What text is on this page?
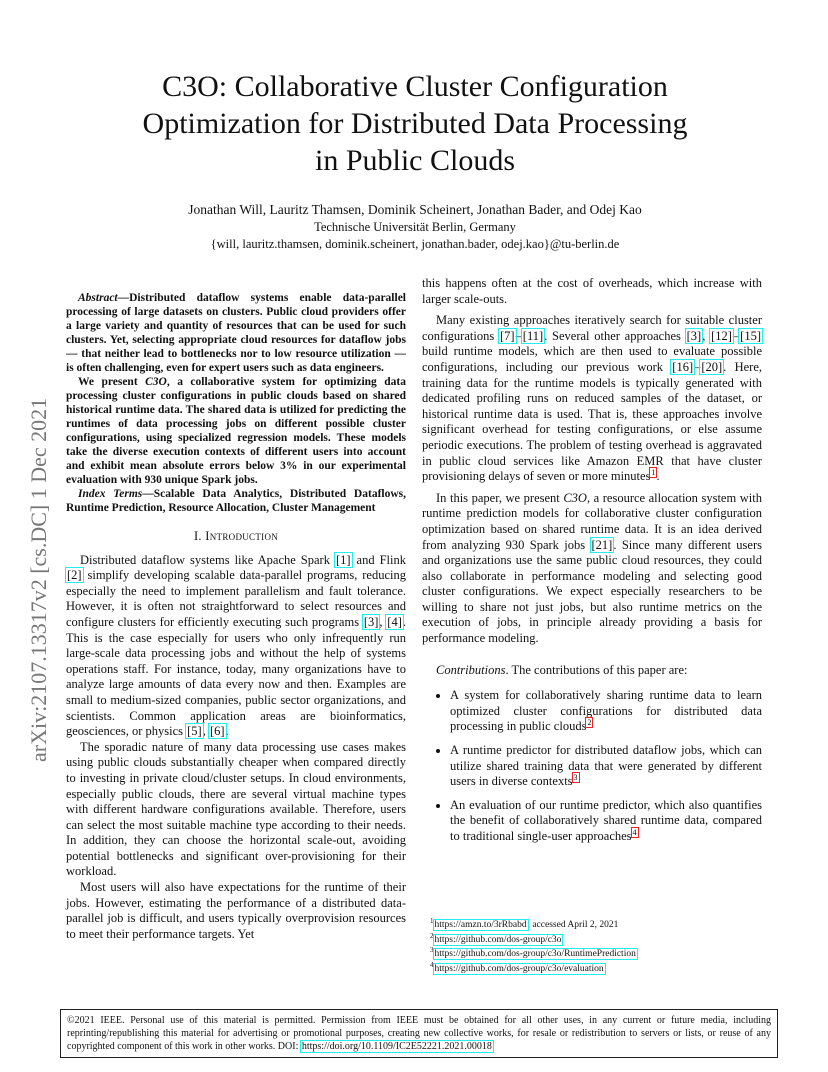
arXiv:2107.13317v2 [cs.DC] 1 Dec 2021
C3O: Collaborative Cluster Configuration
Optimization for Distributed Data Processing
in Public Clouds
Jonathan Will, Lauritz Thamsen, Dominik Scheinert, Jonathan Bader, and Odej Kao
Technische Universität Berlin, Germany
{will, lauritz.thamsen, dominik.scheinert, jonathan.bader, odej.kao}@tu-berlin.de

Abstract—Distributed dataflow systems enable data-parallel processing of large datasets on clusters. Public cloud providers offer a large variety and quantity of resources that can be used for such clusters. Yet, selecting appropriate cloud resources for dataflow jobs — that neither lead to bottlenecks nor to low resource utilization — is often challenging, even for expert users such as data engineers.

We present C3O, a collaborative system for optimizing data processing cluster configurations in public clouds based on shared historical runtime data. The shared data is utilized for predicting the runtimes of data processing jobs on different possible cluster configurations, using specialized regression models. These models take the diverse execution contexts of different users into account and exhibit mean absolute errors below 3% in our experimental evaluation with 930 unique Spark jobs.

Index Terms—Scalable Data Analytics, Distributed Dataflows, Runtime Prediction, Resource Allocation, Cluster Management

I. Introduction

Distributed dataflow systems like Apache Spark [1] and Flink [2] simplify developing scalable data-parallel programs, reducing especially the need to implement parallelism and fault tolerance. However, it is often not straightforward to select resources and configure clusters for efficiently executing such programs [3], [4]. This is the case especially for users who only infrequently run large-scale data processing jobs and without the help of systems operations staff. For instance, today, many organizations have to analyze large amounts of data every now and then. Examples are small to medium-sized companies, public sector organizations, and scientists. Common application areas are bioinformatics, geosciences, or physics [5], [6].

The sporadic nature of many data processing use cases makes using public clouds substantially cheaper when compared directly to investing in private cloud/cluster setups. In cloud environments, especially public clouds, there are several virtual machine types with different hardware configurations available. Therefore, users can select the most suitable machine type according to their needs. In addition, they can choose the horizontal scale-out, avoiding potential bottlenecks and significant over-provisioning for their workload.

Most users will also have expectations for the runtime of their jobs. However, estimating the performance of a distributed data-parallel job is difficult, and users typically overprovision resources to meet their performance targets. Yet

this happens often at the cost of overheads, which increase with larger scale-outs.

Many existing approaches iteratively search for suitable cluster configurations [7]–[11]. Several other approaches [3], [12]–[15] build runtime models, which are then used to evaluate possible configurations, including our previous work [16]–[20]. Here, training data for the runtime models is typically generated with dedicated profiling runs on reduced samples of the dataset, or historical runtime data is used. That is, these approaches involve significant overhead for testing configurations, or else assume periodic executions. The problem of testing overhead is aggravated in public cloud services like Amazon EMR that have cluster provisioning delays of seven or more minutes$^1$.

In this paper, we present C3O, a resource allocation system with runtime prediction models for collaborative cluster configuration optimization based on shared runtime data. It is an idea derived from analyzing 930 Spark jobs [21]. Since many different users and organizations use the same public cloud resources, they could also collaborate in performance modeling and selecting good cluster configurations. We expect especially researchers to be willing to share not just jobs, but also runtime metrics on the execution of jobs, in principle already providing a basis for performance modeling.

Contributions. The contributions of this paper are:

• A system for collaboratively sharing runtime data to learn optimized cluster configurations for distributed data processing in public clouds$^2$
• A runtime predictor for distributed dataflow jobs, which can utilize shared training data that were generated by different users in diverse contexts$^3$
• An evaluation of our runtime predictor, which also quantifies the benefit of collaboratively shared runtime data, compared to traditional single-user approaches$^4$
$^1$https://amzn.to/3rRbabd, accessed April 2, 2021
$^2$https://github.com/dos-group/c3o
$^3$https://github.com/dos-group/c3o/RuntimePrediction
$^4$https://github.com/dos-group/c3o/evaluation
©2021 IEEE. Personal use of this material is permitted. Permission from IEEE must be obtained for all other uses, in any current or future media, including reprinting/republishing this material for advertising or promotional purposes, creating new collective works, for resale or redistribution to servers or lists, or reuse of any copyrighted component of this work in other works. DOI: https://doi.org/10.1109/IC2E52221.2021.00018
